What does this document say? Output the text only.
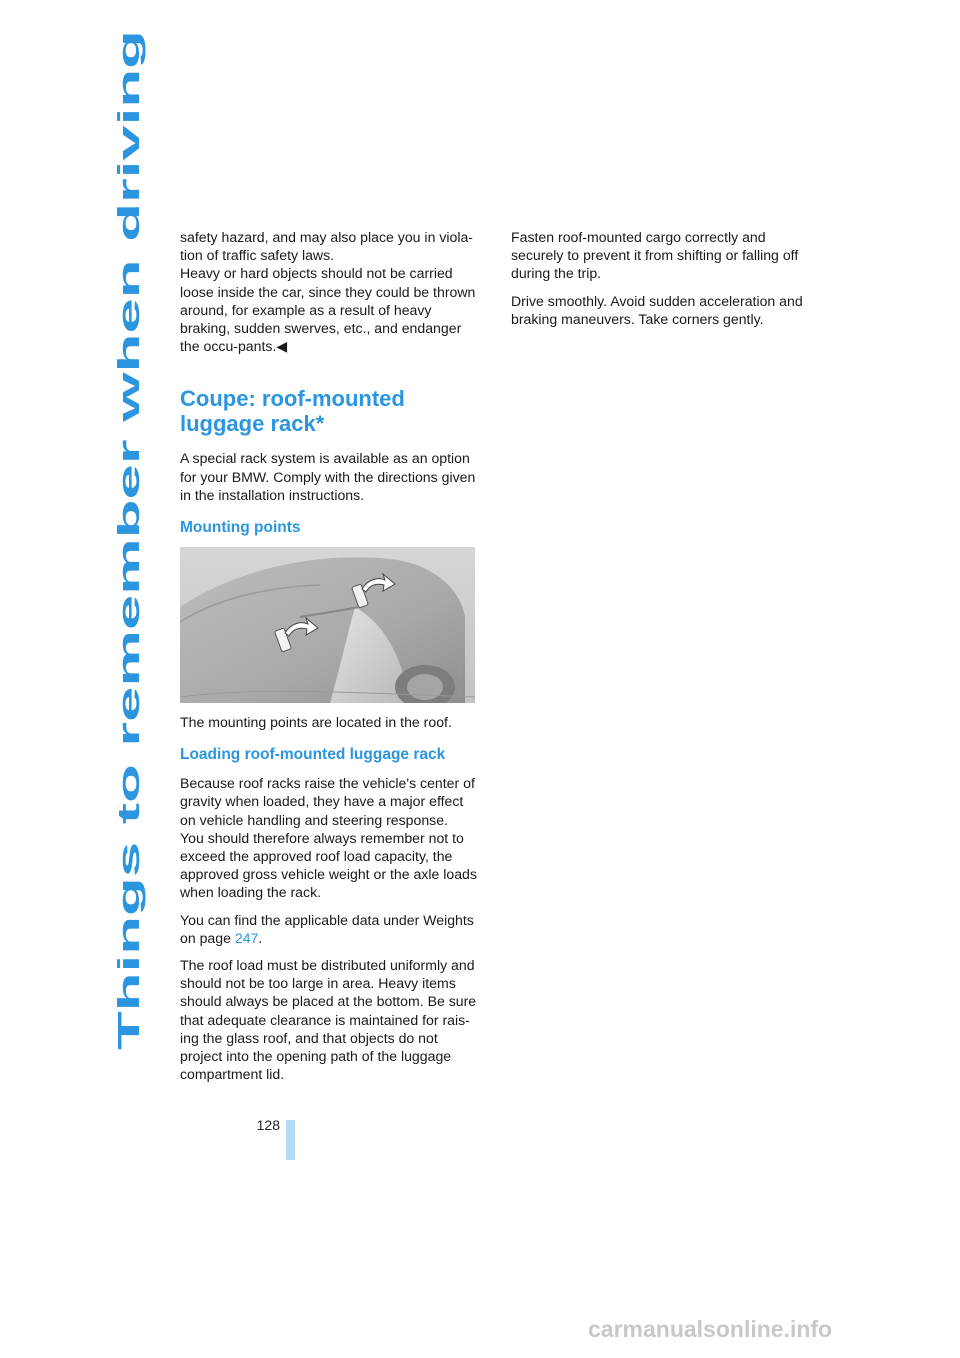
Things to remember when driving

safety hazard, and may also place you in viola-tion of traffic safety laws.

Heavy or hard objects should not be carried loose inside the car, since they could be thrown around, for example as a result of heavy braking, sudden swerves, etc., and endanger the occu-pants.◀

Coupe: roof-mounted luggage rack*

A special rack system is available as an option for your BMW. Comply with the directions given in the installation instructions.

Mounting points
W60Y040A

The mounting points are located in the roof.

Loading roof-mounted luggage rack

Because roof racks raise the vehicle's center of gravity when loaded, they have a major effect on vehicle handling and steering response.

You should therefore always remember not to exceed the approved roof load capacity, the approved gross vehicle weight or the axle loads when loading the rack.

You can find the applicable data under Weights on page 247.

The roof load must be distributed uniformly and should not be too large in area. Heavy items should always be placed at the bottom. Be sure that adequate clearance is maintained for rais-ing the glass roof, and that objects do not project into the opening path of the luggage compartment lid.

Fasten roof-mounted cargo correctly and securely to prevent it from shifting or falling off during the trip.

Drive smoothly. Avoid sudden acceleration and braking maneuvers. Take corners gently.

128
carmanualsonline.info
